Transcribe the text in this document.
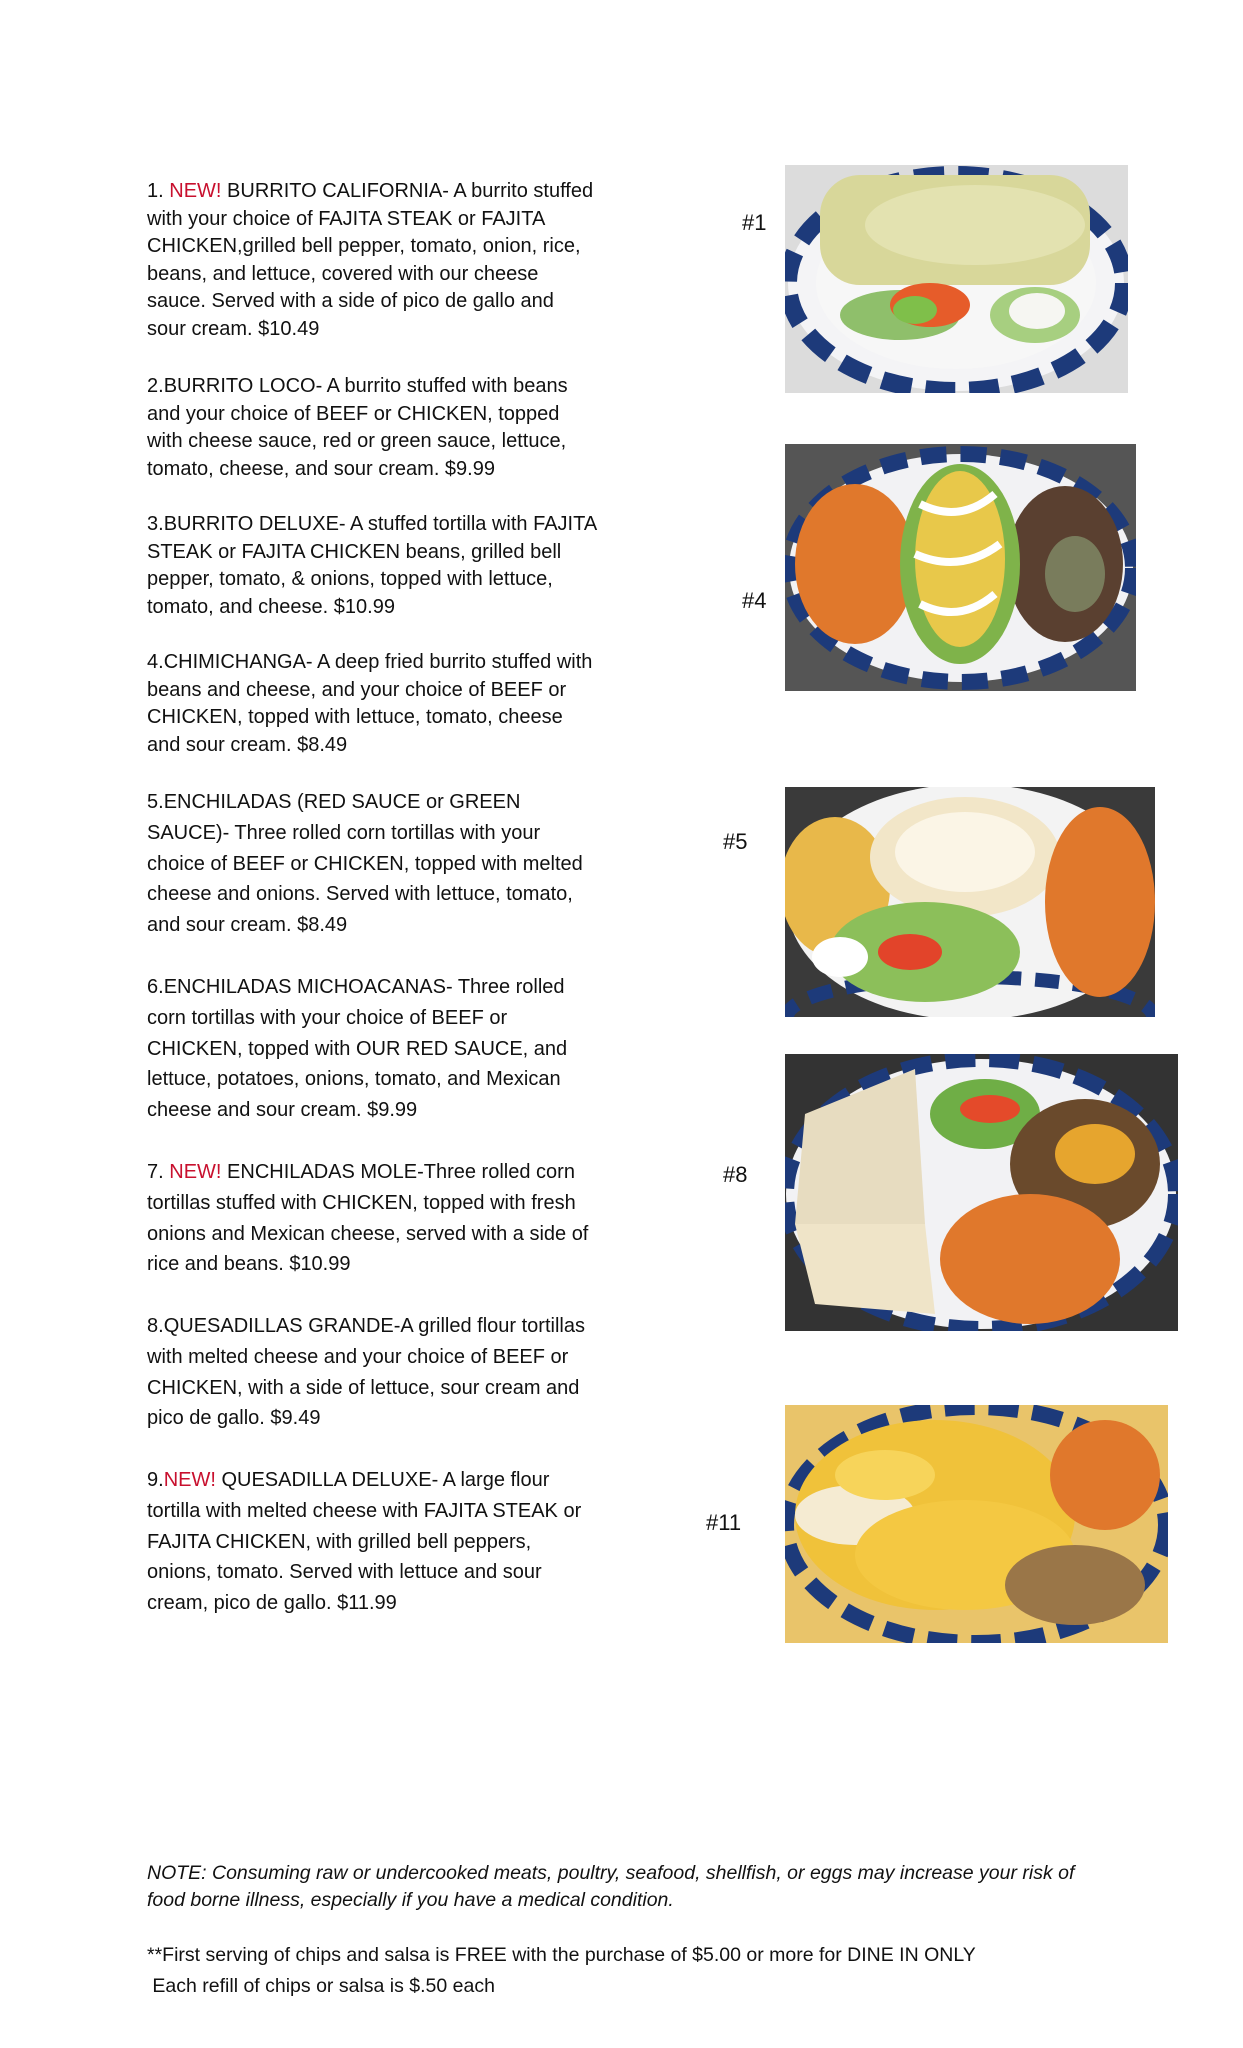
1. NEW! BURRITO CALIFORNIA- A burrito stuffed with your choice of FAJITA STEAK or FAJITA CHICKEN,grilled bell pepper, tomato, onion, rice, beans, and lettuce, covered with our cheese sauce. Served with a side of pico de gallo and sour cream. $10.49

2.BURRITO LOCO- A burrito stuffed with beans and your choice of BEEF or CHICKEN, topped with cheese sauce, red or green sauce, lettuce, tomato, cheese, and sour cream. $9.99

3.BURRITO DELUXE- A stuffed tortilla with FAJITA STEAK or FAJITA CHICKEN beans, grilled bell pepper, tomato, & onions, topped with lettuce, tomato, and cheese. $10.99

4.CHIMICHANGA- A deep fried burrito stuffed with beans and cheese, and your choice of BEEF or CHICKEN, topped with lettuce, tomato, cheese and sour cream. $8.49

5.ENCHILADAS (RED SAUCE or GREEN SAUCE)- Three rolled corn tortillas with your choice of BEEF or CHICKEN, topped with melted cheese and onions. Served with lettuce, tomato, and sour cream. $8.49

6.ENCHILADAS MICHOACANAS- Three rolled corn tortillas with your choice of BEEF or CHICKEN, topped with OUR RED SAUCE, and lettuce, potatoes, onions, tomato, and Mexican cheese and sour cream. $9.99

7. NEW! ENCHILADAS MOLE-Three rolled corn tortillas stuffed with CHICKEN, topped with fresh onions and Mexican cheese, served with a side of rice and beans. $10.99

8.QUESADILLAS GRANDE-A grilled flour tortillas with melted cheese and your choice of BEEF or CHICKEN, with a side of lettuce, sour cream and pico de gallo. $9.49

9.NEW! QUESADILLA DELUXE- A large flour tortilla with melted cheese with FAJITA STEAK or FAJITA CHICKEN, with grilled bell peppers, onions, tomato. Served with lettuce and sour cream, pico de gallo. $11.99

#1
#4
#5
#8
#11

NOTE: Consuming raw or undercooked meats, poultry, seafood, shellfish, or eggs may increase your risk of food borne illness, especially if you have a medical condition.

**First serving of chips and salsa is FREE with the purchase of $5.00 or more for DINE IN ONLY
Each refill of chips or salsa is $.50 each
